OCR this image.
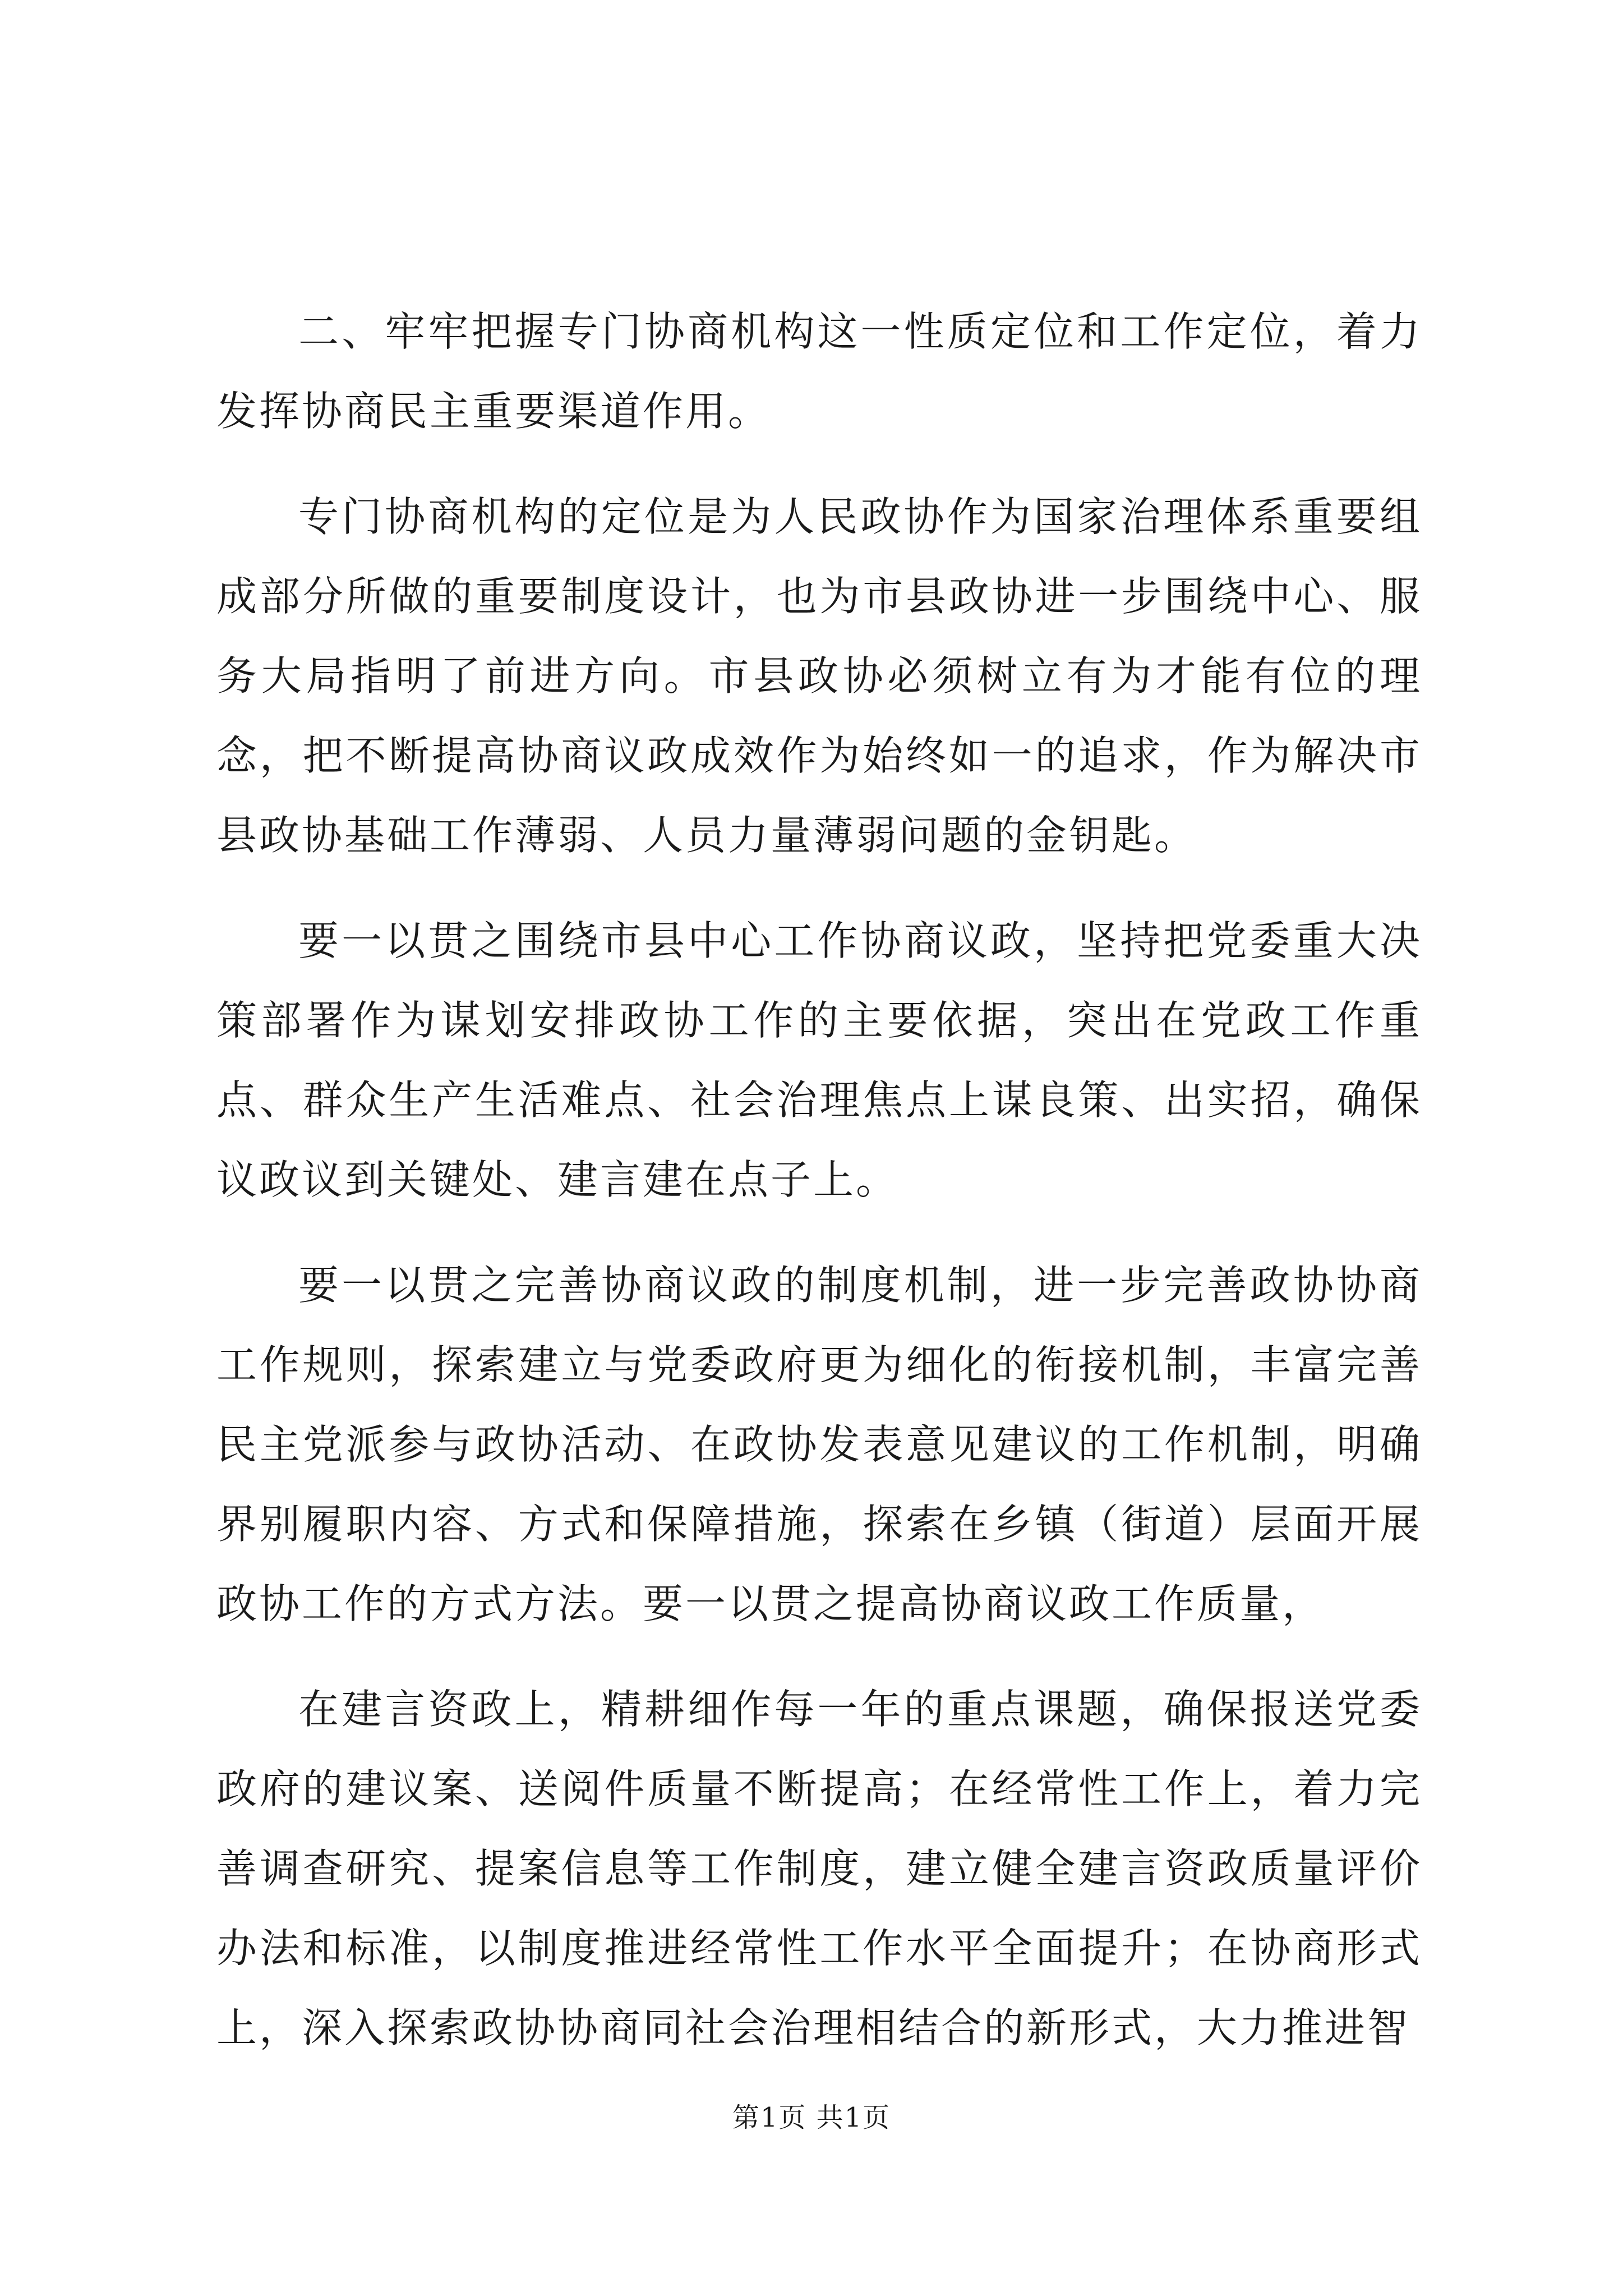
二、牢牢把握专门协商机构这一性质定位和工作定位，着力发挥协商民主重要渠道作用。

专门协商机构的定位是为人民政协作为国家治理体系重要组成部分所做的重要制度设计，也为市县政协进一步围绕中心、服务大局指明了前进方向。市县政协必须树立有为才能有位的理念，把不断提高协商议政成效作为始终如一的追求，作为解决市县政协基础工作薄弱、人员力量薄弱问题的金钥匙。

要一以贯之围绕市县中心工作协商议政，坚持把党委重大决策部署作为谋划安排政协工作的主要依据，突出在党政工作重点、群众生产生活难点、社会治理焦点上谋良策、出实招，确保议政议到关键处、建言建在点子上。

要一以贯之完善协商议政的制度机制，进一步完善政协协商工作规则，探索建立与党委政府更为细化的衔接机制，丰富完善民主党派参与政协活动、在政协发表意见建议的工作机制，明确界别履职内容、方式和保障措施，探索在乡镇（街道）层面开展政协工作的方式方法。要一以贯之提高协商议政工作质量，

在建言资政上，精耕细作每一年的重点课题，确保报送党委政府的建议案、送阅件质量不断提高；在经常性工作上，着力完善调查研究、提案信息等工作制度，建立健全建言资政质量评价办法和标准，以制度推进经常性工作水平全面提升；在协商形式上，深入探索政协协商同社会治理相结合的新形式，大力推进智

第1页 共1页
